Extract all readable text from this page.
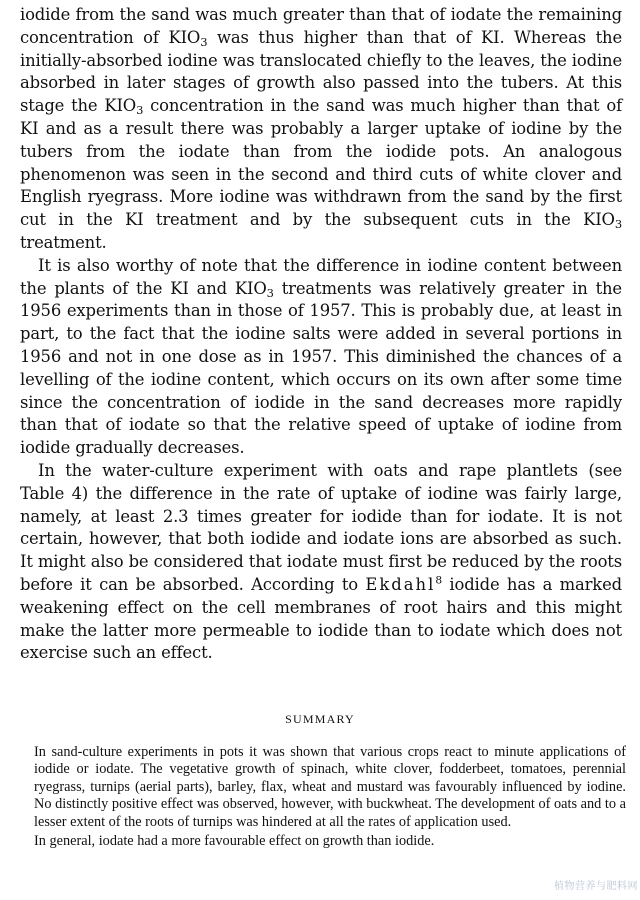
iodide from the sand was much greater than that of iodate the remaining concentration of $KIO_3$ was thus higher than that of KI. Whereas the initially-absorbed iodine was translocated chiefly to the leaves, the iodine absorbed in later stages of growth also passed into the tubers. At this stage the $KIO_3$ concentration in the sand was much higher than that of KI and as a result there was probably a larger uptake of iodine by the tubers from the iodate than from the iodide pots. An analogous phenomenon was seen in the second and third cuts of white clover and English ryegrass. More iodine was withdrawn from the sand by the first cut in the KI treatment and by the subsequent cuts in the $KIO_3$ treatment.

It is also worthy of note that the difference in iodine content between the plants of the KI and $KIO_3$ treatments was relatively greater in the 1956 experiments than in those of 1957. This is probably due, at least in part, to the fact that the iodine salts were added in several portions in 1956 and not in one dose as in 1957. This diminished the chances of a levelling of the iodine content, which occurs on its own after some time since the concentration of iodide in the sand decreases more rapidly than that of iodate so that the relative speed of uptake of iodine from iodide gradually decreases.

In the water-culture experiment with oats and rape plantlets (see Table 4) the difference in the rate of uptake of iodine was fairly large, namely, at least 2.3 times greater for iodide than for iodate. It is not certain, however, that both iodide and iodate ions are absorbed as such. It might also be considered that iodate must first be reduced by the roots before it can be absorbed. According to Ekdahl$^8$ iodide has a marked weakening effect on the cell membranes of root hairs and this might make the latter more permeable to iodide than to iodate which does not exercise such an effect.

SUMMARY

In sand-culture experiments in pots it was shown that various crops react to minute applications of iodide or iodate. The vegetative growth of spinach, white clover, fodderbeet, tomatoes, perennial ryegrass, turnips (aerial parts), barley, flax, wheat and mustard was favourably influenced by iodine. No distinctly positive effect was observed, however, with buckwheat. The development of oats and to a lesser extent of the roots of turnips was hindered at all the rates of application used.

In general, iodate had a more favourable effect on growth than iodide.

植物营养与肥料网
